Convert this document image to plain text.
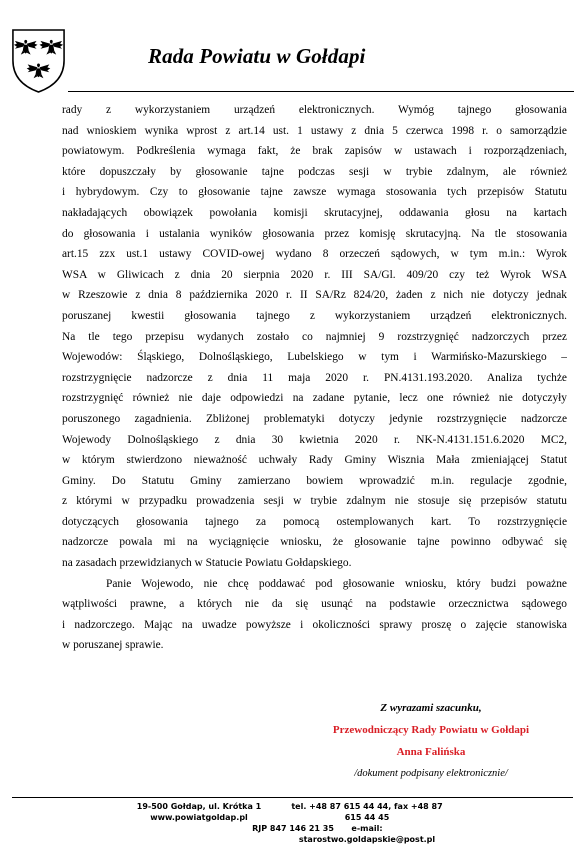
Rada Powiatu w Gołdapi
rady z wykorzystaniem urządzeń elektronicznych. Wymóg tajnego głosowania
nad wnioskiem wynika wprost z art.14 ust. 1 ustawy z dnia 5 czerwca 1998 r. o samorządzie
powiatowym. Podkreślenia wymaga fakt, że brak zapisów w ustawach i rozporządzeniach,
które dopuszczały by głosowanie tajne podczas sesji w trybie zdalnym, ale również
i hybrydowym. Czy to głosowanie tajne zawsze wymaga stosowania tych przepisów Statutu
nakładających obowiązek powołania komisji skrutacyjnej, oddawania głosu na kartach
do głosowania i ustalania wyników głosowania przez komisję skrutacyjną. Na tle stosowania
art.15 zzx ust.1 ustawy COVID-owej wydano 8 orzeczeń sądowych, w tym m.in.: Wyrok
WSA w Gliwicach z dnia 20 sierpnia 2020 r. III SA/Gl. 409/20 czy też Wyrok WSA
w Rzeszowie z dnia 8 października 2020 r. II SA/Rz 824/20, żaden z nich nie dotyczy jednak
poruszanej kwestii głosowania tajnego z wykorzystaniem urządzeń elektronicznych.
Na tle tego przepisu wydanych zostało co najmniej 9 rozstrzygnięć nadzorczych przez
Wojewodów: Śląskiego, Dolnośląskiego, Lubelskiego w tym i Warmińsko-Mazurskiego –
rozstrzygnięcie nadzorcze z dnia 11 maja 2020 r. PN.4131.193.2020. Analiza tychże
rozstrzygnięć również nie daje odpowiedzi na zadane pytanie, lecz one również nie dotyczyły
poruszonego zagadnienia. Zbliżonej problematyki dotyczy jedynie rozstrzygnięcie nadzorcze
Wojewody Dolnośląskiego z dnia 30 kwietnia 2020 r. NK-N.4131.151.6.2020 MC2,
w którym stwierdzono nieważność uchwały Rady Gminy Wisznia Mała zmieniającej Statut
Gminy. Do Statutu Gminy zamierzano bowiem wprowadzić m.in. regulacje zgodnie,
z którymi w przypadku prowadzenia sesji w trybie zdalnym nie stosuje się przepisów statutu
dotyczących głosowania tajnego za pomocą ostemplowanych kart. To rozstrzygnięcie
nadzorcze powala mi na wyciągnięcie wniosku, że głosowanie tajne powinno odbywać się
na zasadach przewidzianych w Statucie Powiatu Gołdapskiego.
Panie Wojewodo, nie chcę poddawać pod głosowanie wniosku, który budzi poważne
wątpliwości prawne, a których nie da się usunąć na podstawie orzecznictwa sądowego
i nadzorczego. Mając na uwadze powyższe i okoliczności sprawy proszę o zajęcie stanowiska
w poruszanej sprawie.
Z wyrazami szacunku,
Przewodniczący Rady Powiatu w Gołdapi
Anna Falińska
/dokument podpisany elektronicznie/
19-500 Gołdap, ul. Krótka 1
www.powiatgoldap.pl
tel. +48 87 615 44 44, fax +48 87 615 44 45
e-mail: starostwo.goldapskie@post.pl
RJP 847 146 21 35
